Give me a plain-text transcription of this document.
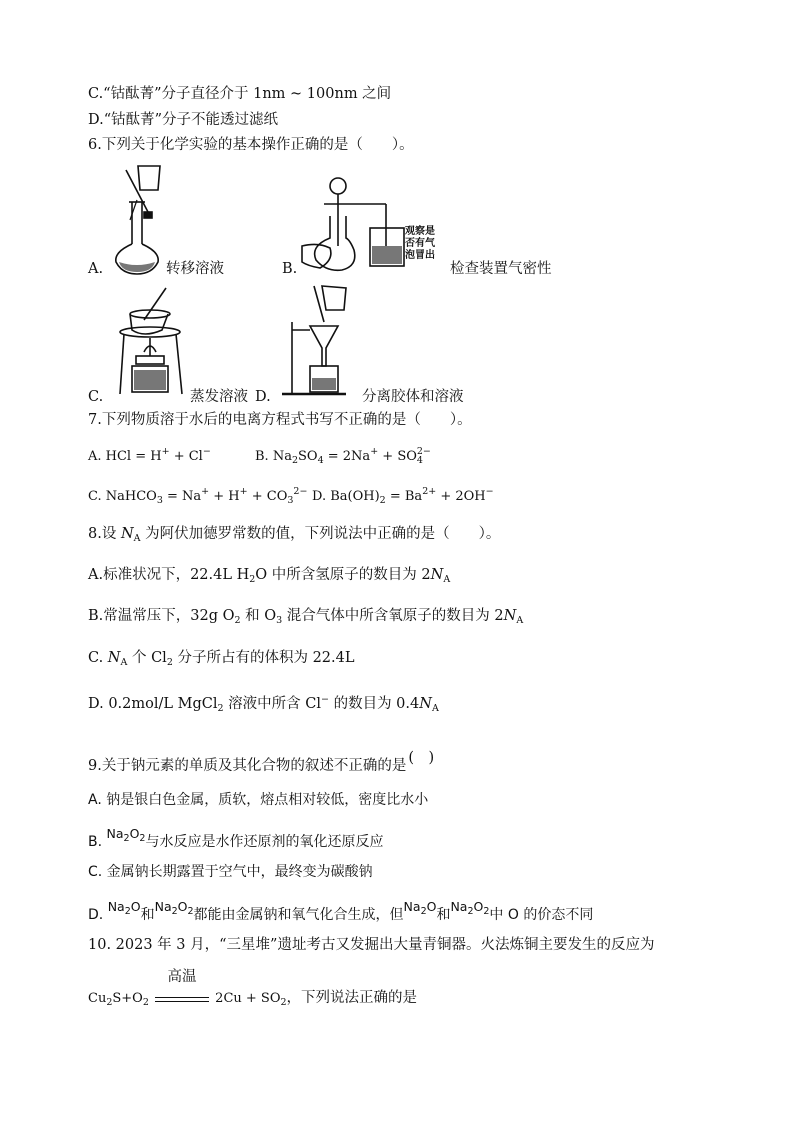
C.“钴酞菁”分子直径介于 1nm ~ 100nm 之间
D.“钴酞菁”分子不能透过滤纸
6.下列关于化学实验的基本操作正确的是（　　）。
A.	转移溶液
观察是
否有气
泡冒出
B.	检查装置气密性
C.	蒸发溶液 D.	分离胶体和溶液
7.下列物质溶于水后的电离方程式书写不正确的是（　　）。
A. HCl = H+ + Cl−	B. $Na_2SO_4 = 2Na^+ + SO^{2-}_4$
C. NaHCO$_3$ = $Na^+ + H^+ + CO_3^{2-}$ D. $Ba(OH)_2 = Ba^{2+} + 2OH^-$
8.设 $N_A$ 为阿伏加德罗常数的值，下列说法中正确的是（　　）。
A.标准状况下，22.4L $H_2O$ 中所含氢原子的数目为 $2N_A$
B.常温常压下，32g $O_2$ 和 $O_3$ 混合气体中所含氧原子的数目为 $2N_A$
C. $N_A$ 个 $Cl_2$ 分子所占有的体积为 22.4L
D. 0.2mol/L MgCl$_2$ 溶液中所含 Cl− 的数目为 $0.4N_A$
9.关于钠元素的单质及其化合物的叙述不正确的是 (　)
A. 钠是银白色金属，质软，熔点相对较低，密度比水小
B. $Na_2O_2$与水反应是水作还原剂的氧化还原反应
C. 金属钠长期露置于空气中，最终变为碳酸钠
D. $Na_2O$和$Na_2O_2$都能由金属钠和氧气化合生成，但$Na_2O$和$Na_2O_2$中 O 的价态不同
10. 2023 年 3 月，“三星堆”遗址考古又发掘出大量青铜器。火法炼铜主要发生的反应为
$Cu_2S+O_2$
高温
$2Cu + SO_2$，下列说法正确的是
